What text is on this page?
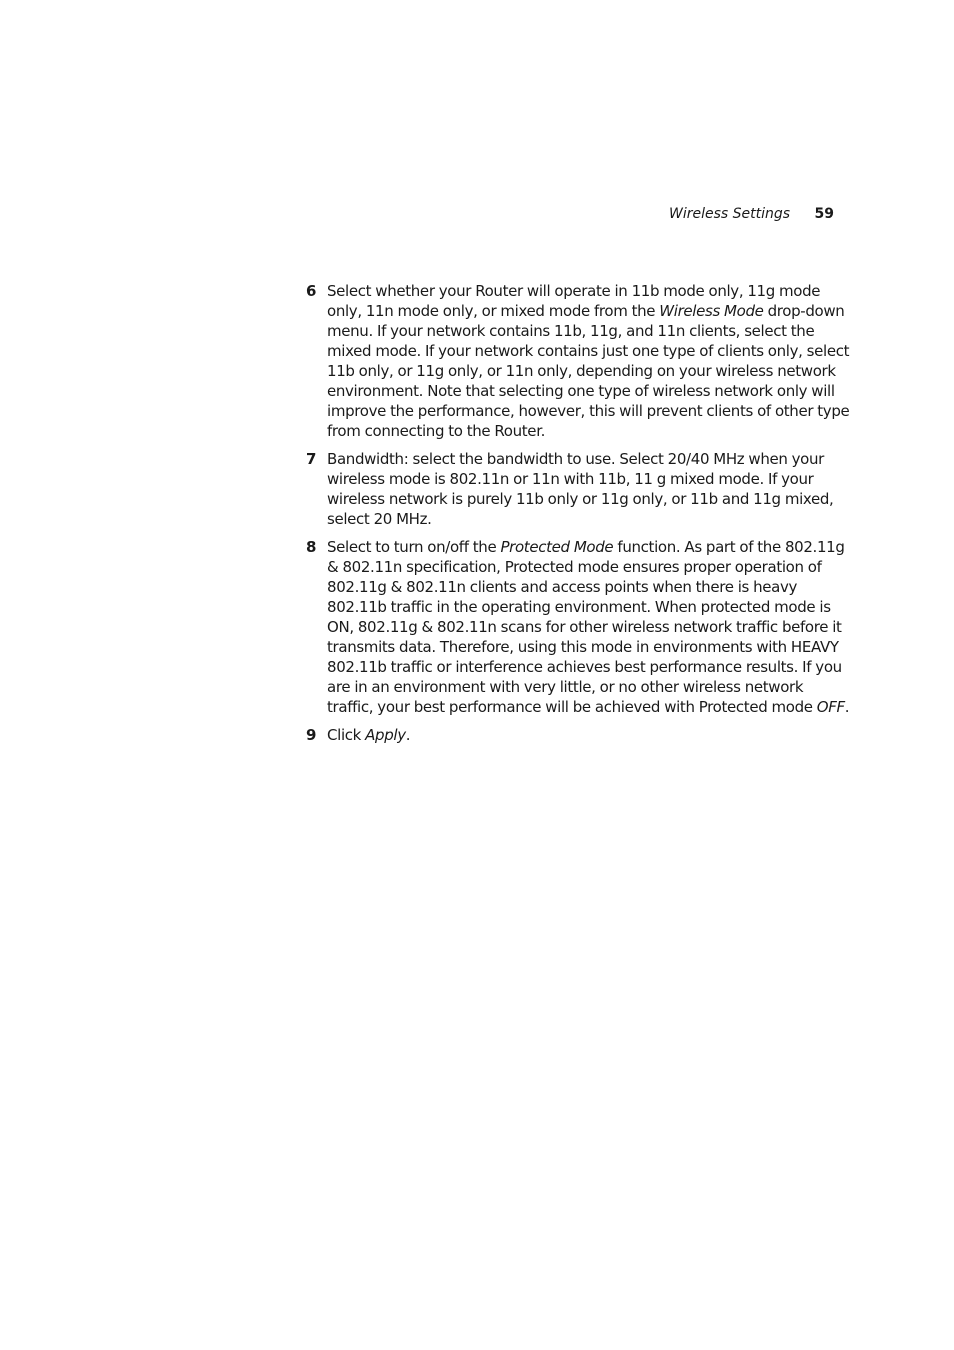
Wireless Settings 59
6 Select whether your Router will operate in 11b mode only, 11g mode only, 11n mode only, or mixed mode from the Wireless Mode drop-down menu. If your network contains 11b, 11g, and 11n clients, select the mixed mode. If your network contains just one type of clients only, select 11b only, or 11g only, or 11n only, depending on your wireless network environment. Note that selecting one type of wireless network only will improve the performance, however, this will prevent clients of other type from connecting to the Router.
7 Bandwidth: select the bandwidth to use. Select 20/40 MHz when your wireless mode is 802.11n or 11n with 11b, 11 g mixed mode. If your wireless network is purely 11b only or 11g only, or 11b and 11g mixed, select 20 MHz.
8 Select to turn on/off the Protected Mode function. As part of the 802.11g & 802.11n specification, Protected mode ensures proper operation of 802.11g & 802.11n clients and access points when there is heavy 802.11b traffic in the operating environment. When protected mode is ON, 802.11g & 802.11n scans for other wireless network traffic before it transmits data. Therefore, using this mode in environments with HEAVY 802.11b traffic or interference achieves best performance results. If you are in an environment with very little, or no other wireless network traffic, your best performance will be achieved with Protected mode OFF.
9 Click Apply.
